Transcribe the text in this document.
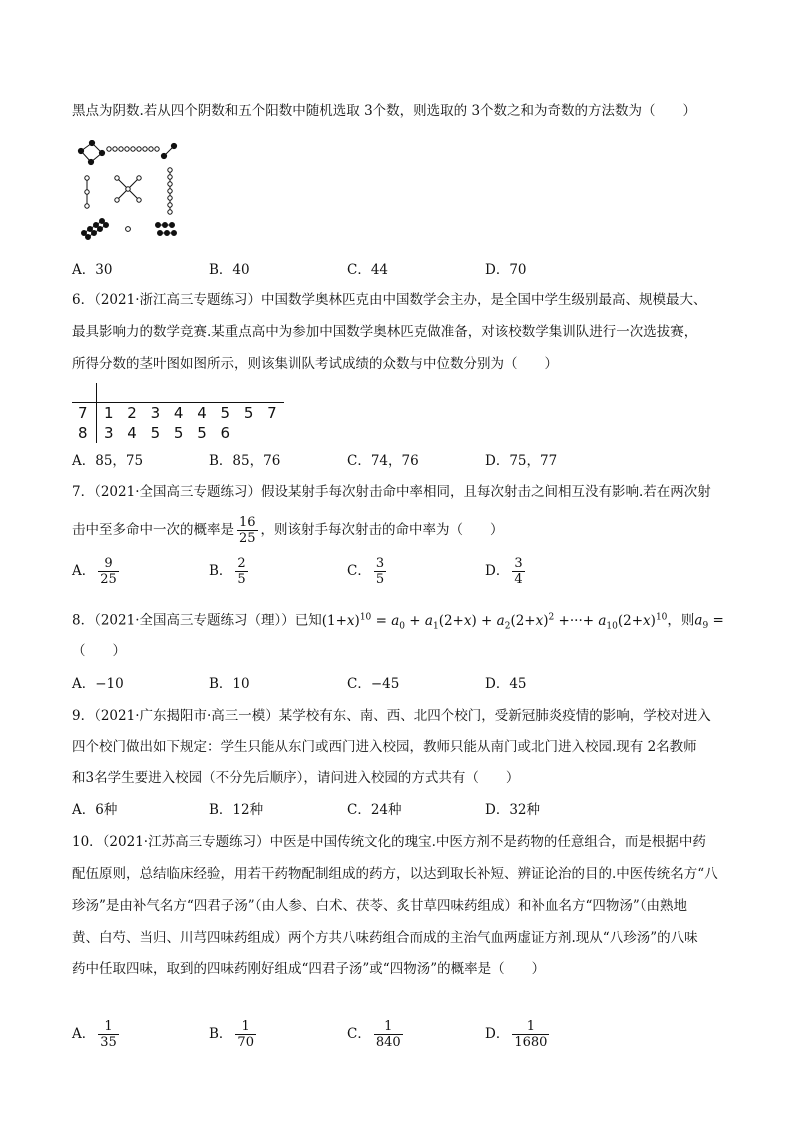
黑点为阴数.若从四个阴数和五个阳数中随机选取 3个数，则选取的 3个数之和为奇数的方法数为（　　）
A．30	B．40	C．44	D．70
6．（2021·浙江高三专题练习）中国数学奥林匹克由中国数学会主办，是全国中学生级别最高、规模最大、
最具影响力的数学竞赛.某重点高中为参加中国数学奥林匹克做准备，对该校数学集训队进行一次选拔赛，
所得分数的茎叶图如图所示，则该集训队考试成绩的众数与中位数分别为（　　）
7 1 2 3 4 4 5 5 7
8 3 4 5 5 5 6
A．85，75	B．85，76	C．74，76	D．75，77
7．（2021·全国高三专题练习）假设某射手每次射击命中率相同，且每次射击之间相互没有影响.若在两次射
击中至多命中一次的概率是 $\frac{16}{25}$ ，则该射手每次射击的命中率为（　　）
A． $\frac{9}{25}$	B． $\frac{2}{5}$	C． $\frac{3}{5}$	D． $\frac{3}{4}$
8．（2021·全国高三专题练习（理））已知$(1+x)^{10} = a_0 + a_1(2+x) + a_2(2+x)^2$ +···+ $a_{10}(2+x)^{10}$，则$a_9$ =
（　　）
A．−10	B．10	C．−45	D．45
9．（2021·广东揭阳市·高三一模）某学校有东、南、西、北四个校门，受新冠肺炎疫情的影响，学校对进入
四个校门做出如下规定：学生只能从东门或西门进入校园，教师只能从南门或北门进入校园.现有 2名教师
和3名学生要进入校园（不分先后顺序），请问进入校园的方式共有（　　）
A．6种	B．12种	C．24种	D．32种
10．（2021·江苏高三专题练习）中医是中国传统文化的瑰宝.中医方剂不是药物的任意组合，而是根据中药
配伍原则，总结临床经验，用若干药物配制组成的药方，以达到取长补短、辨证论治的目的.中医传统名方“八
珍汤”是由补气名方“四君子汤”（由人参、白术、茯苓、炙甘草四味药组成）和补血名方“四物汤”（由熟地
黄、白芍、当归、川芎四味药组成）两个方共八味药组合而成的主治气血两虚证方剂.现从“八珍汤”的八味
药中任取四味，取到的四味药刚好组成“四君子汤”或“四物汤”的概率是（　　）
A． $\frac{1}{35}$	B． $\frac{1}{70}$	C． $\frac{1}{840}$	D． $\frac{1}{1680}$
